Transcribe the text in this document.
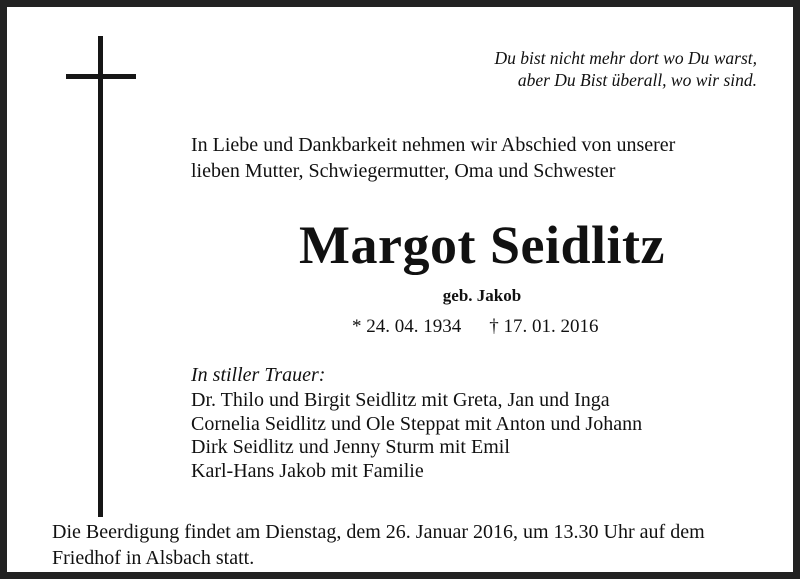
Du bist nicht mehr dort wo Du warst,
aber Du Bist überall, wo wir sind.
In Liebe und Dankbarkeit nehmen wir Abschied von unserer
lieben Mutter, Schwiegermutter, Oma und Schwester
Margot Seidlitz
geb. Jakob
* 24. 04. 1934 † 17. 01. 2016
In stiller Trauer:
Dr. Thilo und Birgit Seidlitz mit Greta, Jan und Inga
Cornelia Seidlitz und Ole Steppat mit Anton und Johann
Dirk Seidlitz und Jenny Sturm mit Emil
Karl-Hans Jakob mit Familie
Die Beerdigung findet am Dienstag, dem 26. Januar 2016, um 13.30 Uhr auf dem
Friedhof in Alsbach statt.
